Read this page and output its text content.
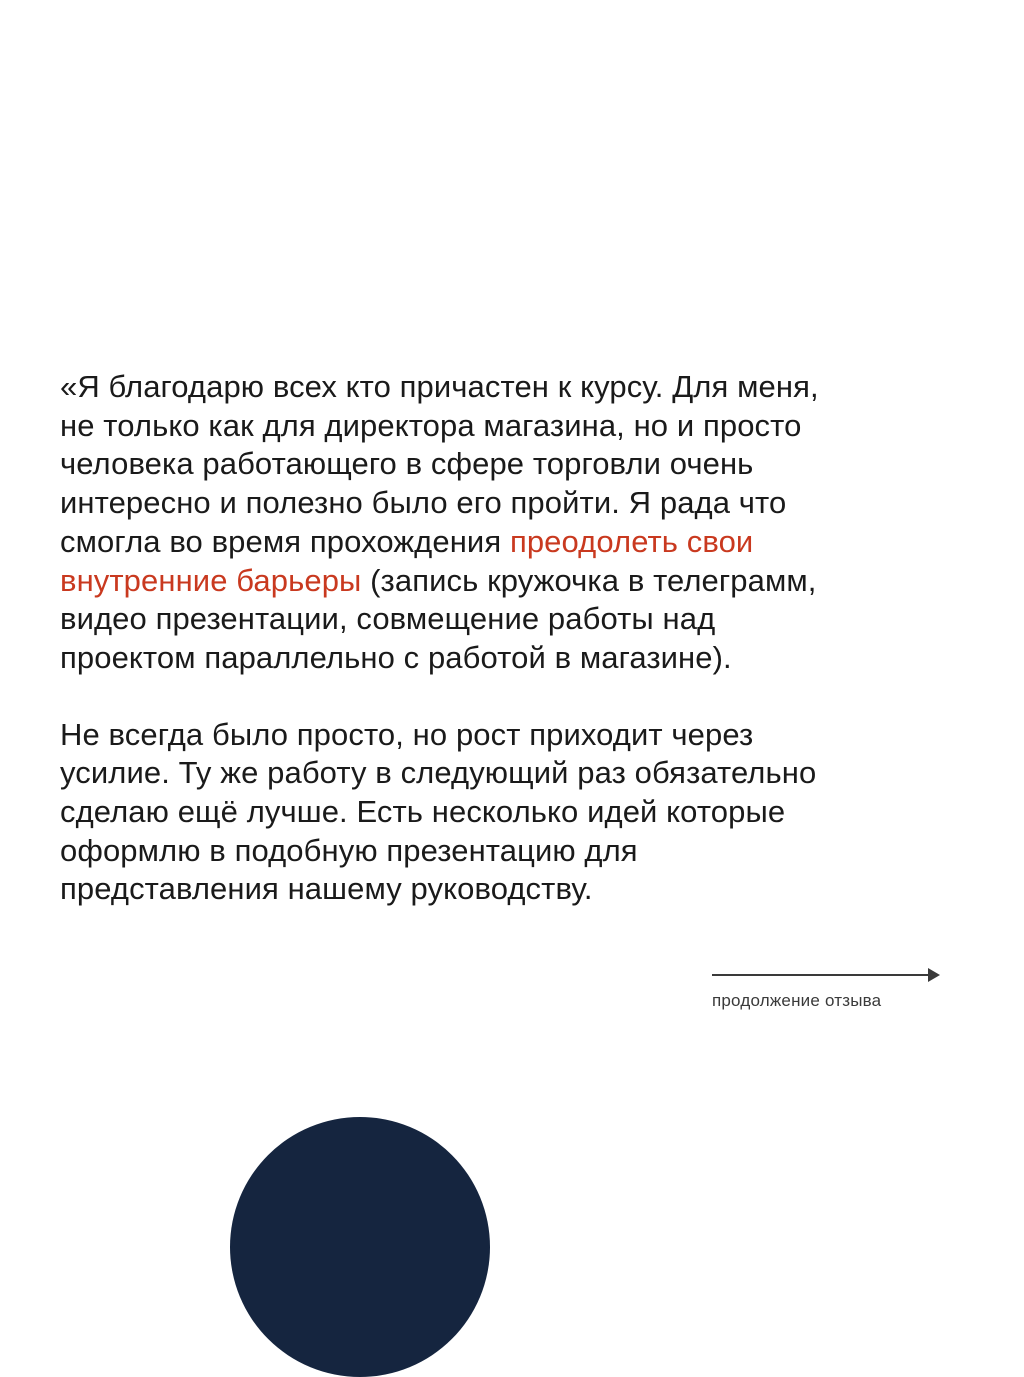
«Я благодарю всех кто причастен к курсу. Для меня,
не только как для директора магазина, но и просто
человека работающего в сфере торговли очень
интересно и полезно было его пройти. Я рада что
смогла во время прохождения преодолеть свои
внутренние барьеры (запись кружочка в телеграмм,
видео презентации, совмещение работы над
проектом параллельно с работой в магазине).

Не всегда было просто, но рост приходит через
усилие. Ту же работу в следующий раз обязательно
сделаю ещё лучше. Есть несколько идей которые
оформлю в подобную презентацию для
представления нашему руководству.

продолжение отзыва
